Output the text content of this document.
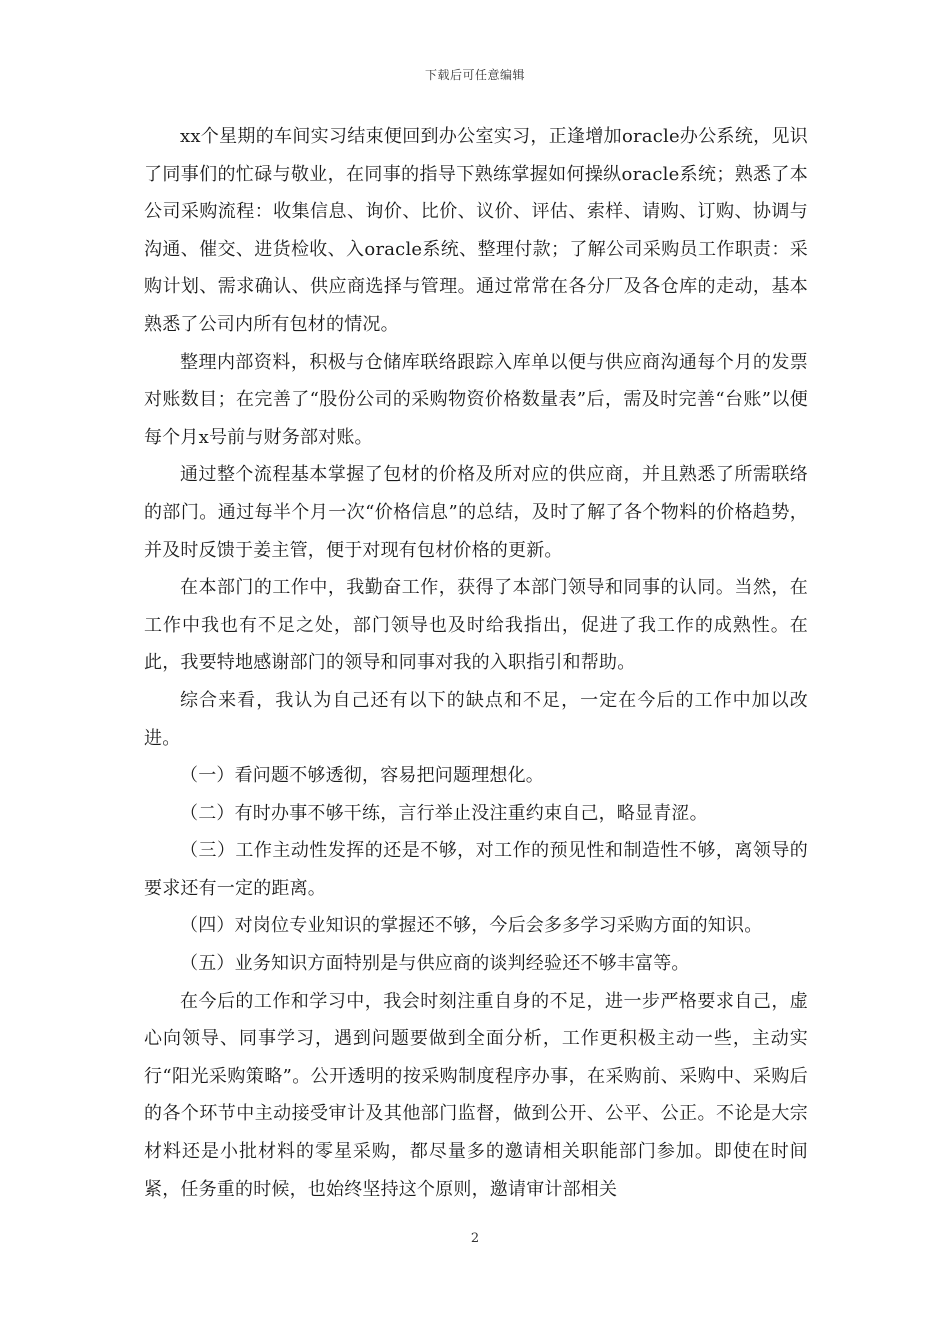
下载后可任意编辑

xx个星期的车间实习结束便回到办公室实习，正逢增加oracle办公系统，见识了同事们的忙碌与敬业，在同事的指导下熟练掌握如何操纵oracle系统；熟悉了本公司采购流程：收集信息、询价、比价、议价、评估、索样、请购、订购、协调与沟通、催交、进货检收、入oracle系统、整理付款；了解公司采购员工作职责：采购计划、需求确认、供应商选择与管理。通过常常在各分厂及各仓库的走动，基本熟悉了公司内所有包材的情况。

整理内部资料，积极与仓储库联络跟踪入库单以便与供应商沟通每个月的发票对账数目；在完善了“股份公司的采购物资价格数量表”后，需及时完善“台账”以便每个月x号前与财务部对账。

通过整个流程基本掌握了包材的价格及所对应的供应商，并且熟悉了所需联络的部门。通过每半个月一次“价格信息”的总结，及时了解了各个物料的价格趋势，并及时反馈于姜主管，便于对现有包材价格的更新。

在本部门的工作中，我勤奋工作，获得了本部门领导和同事的认同。当然，在工作中我也有不足之处，部门领导也及时给我指出，促进了我工作的成熟性。在此，我要特地感谢部门的领导和同事对我的入职指引和帮助。

综合来看，我认为自己还有以下的缺点和不足，一定在今后的工作中加以改进。

（一）看问题不够透彻，容易把问题理想化。

（二）有时办事不够干练，言行举止没注重约束自己，略显青涩。

（三）工作主动性发挥的还是不够，对工作的预见性和制造性不够，离领导的要求还有一定的距离。

（四）对岗位专业知识的掌握还不够，今后会多多学习采购方面的知识。

（五）业务知识方面特别是与供应商的谈判经验还不够丰富等。

在今后的工作和学习中，我会时刻注重自身的不足，进一步严格要求自己，虚心向领导、同事学习，遇到问题要做到全面分析，工作更积极主动一些，主动实行“阳光采购策略”。公开透明的按采购制度程序办事，在采购前、采购中、采购后的各个环节中主动接受审计及其他部门监督，做到公开、公平、公正。不论是大宗材料还是小批材料的零星采购，都尽量多的邀请相关职能部门参加。即使在时间紧，任务重的时候，也始终坚持这个原则，邀请审计部相关

2
